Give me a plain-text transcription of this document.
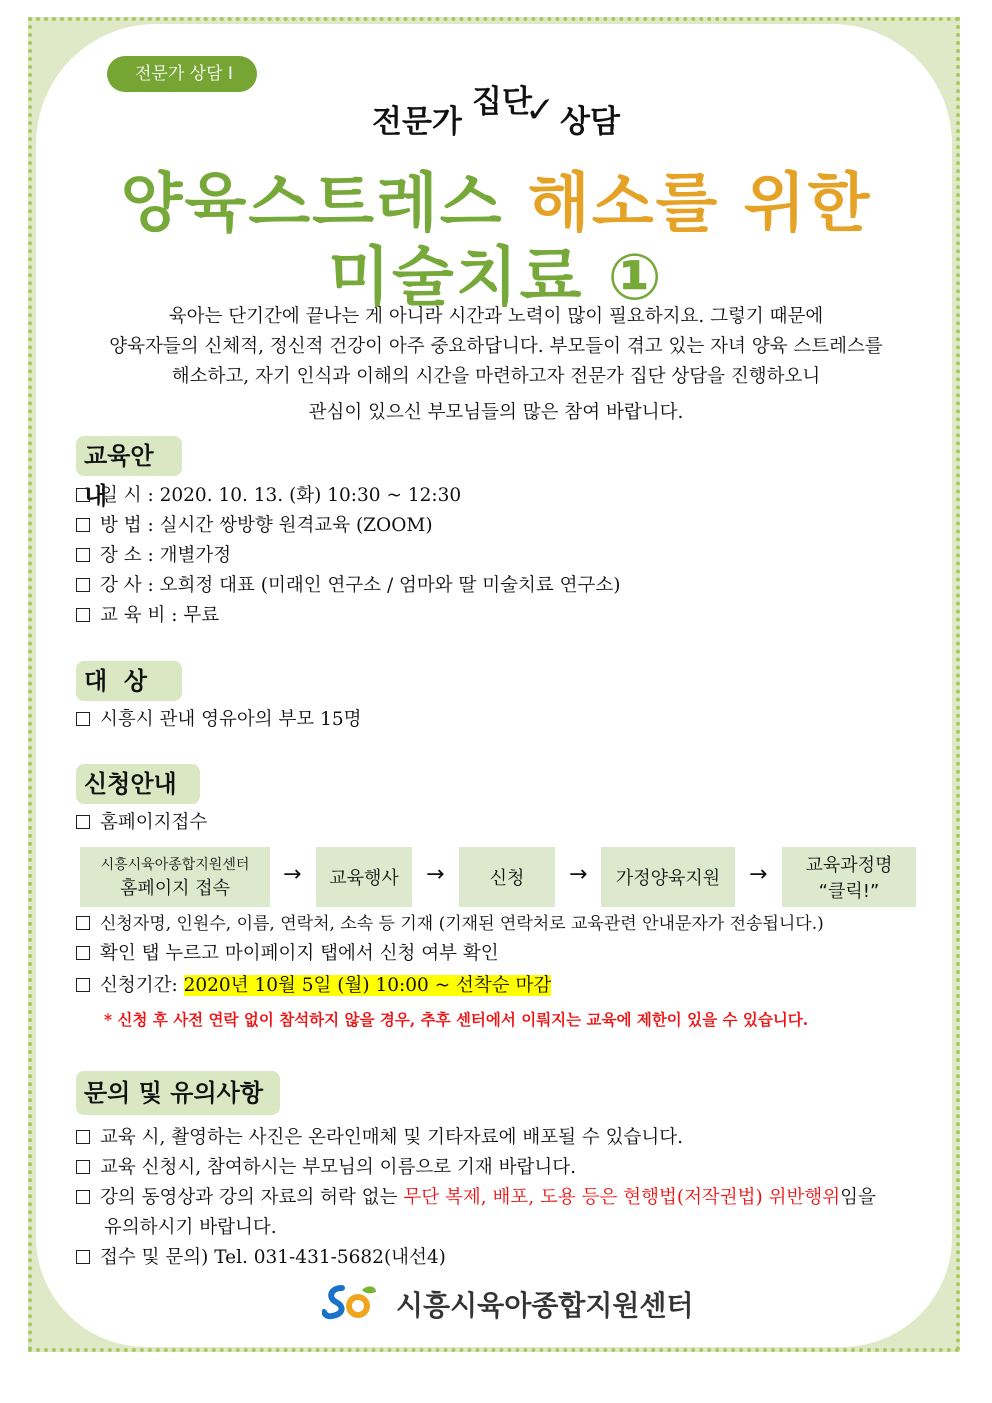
전문가 상담 I
전문가
집단
✓ 상담
양육스트레스 해소를 위한
미술치료 ①
육아는 단기간에 끝나는 게 아니라 시간과 노력이 많이 필요하지요. 그렇기 때문에
양육자들의 신체적, 정신적 건강이 아주 중요하답니다. 부모들이 겪고 있는 자녀 양육 스트레스를
해소하고, 자기 인식과 이해의 시간을 마련하고자 전문가 집단 상담을 진행하오니
관심이 있으신 부모님들의 많은 참여 바랍니다.
교육안내
일 시 : 2020. 10. 13. (화) 10:30 ~ 12:30
방 법 : 실시간 쌍방향 원격교육 (ZOOM)
장 소 : 개별가정
강 사 : 오희정 대표 (미래인 연구소 / 엄마와 딸 미술치료 연구소)
교 육 비 : 무료
대  상
시흥시 관내 영유아의 부모 15명
신청안내
홈페이지접수
시흥시육아종합지원센터
홈페이지 접속
→ 교육행사 →	신청 → 가정양육지원 → 교육과정명
“클릭!”
신청자명, 인원수, 이름, 연락처, 소속 등 기재 (기재된 연락처로 교육관련 안내문자가 전송됩니다.)
확인 탭 누르고 마이페이지 탭에서 신청 여부 확인
신청기간: 2020년 10월 5일 (월) 10:00 ~ 선착순 마감
* 신청 후 사전 연락 없이 참석하지 않을 경우, 추후 센터에서 이뤄지는 교육에 제한이 있을 수 있습니다.
문의 및 유의사항
교육 시, 촬영하는 사진은 온라인매체 및 기타자료에 배포될 수 있습니다.
교육 신청시, 참여하시는 부모님의 이름으로 기재 바랍니다.
강의 동영상과 강의 자료의 허락 없는 무단 복제, 배포, 도용 등은 현행법(저작권법) 위반행위임을
유의하시기 바랍니다.
접수 및 문의) Tel. 031-431-5682(내선4)
시흥시육아종합지원센터
